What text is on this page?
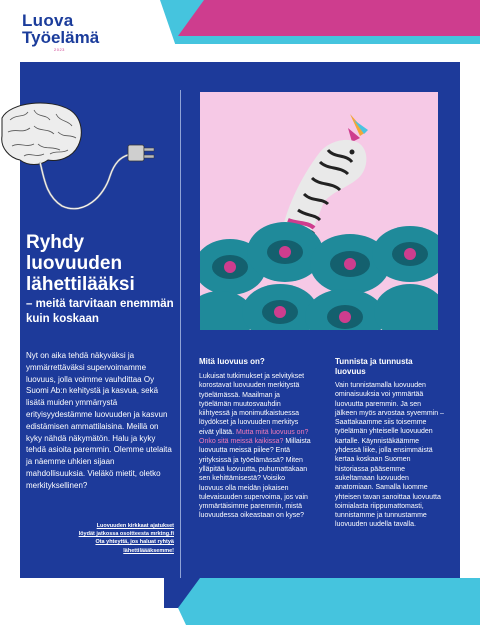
Luova
Työelämä
2023
Ryhdy luovuuden lähettilääksi
– meitä tarvitaan enemmän kuin koskaan

Nyt on aika tehdä näkyväksi ja ymmärrettäväksi supervoimamme luovuus, jolla voimme vauhdittaa Oy Suomi Ab:n kehitystä ja kasvua, sekä lisätä muiden ymmärrystä erityisyydestämme luovuuden ja kasvun edistämisen ammattilaisina. Meillä on kyky nähdä näkymätön. Halu ja kyky tehdä asioita paremmin. Olemme utelaita ja näemme uhkien sijaan mahdollisuuksia. Vieläkö mietit, oletko merkityksellinen?

Luovuuden kirkkaat ajatukset
löydät jatkossa osoitteesta mrktng.fi
Ota yhteyttä, jos haluat ryhtyä
lähettiläääksemme!
Mitä luovuus on?

Lukuisat tutkimukset ja selvitykset korostavat luovuuden merkitystä työelämässä. Maailman ja työelämän muutosvauhdin kiihtyessä ja monimutkaistuessa löydökset ja luovuuden merkitys eivät yllätä. Mutta mitä luovuus on? Onko sitä meissä kaikissa? Millaista luovuutta meissä piilee? Entä yrityksissä ja työelämässä? Miten ylläpitää luovuutta, puhumattakaan sen kehittämisestä? Voisiko luovuus olla meidän jokaisen tulevaisuuden supervoima, jos vain ymmärtäisimme paremmin, mistä luovuudessa oikeastaan on kyse?

Tunnista ja tunnusta luovuus

Vain tunnistamalla luovuuden ominaisuuksia voi ymmärtää luovuutta paremmin. Ja sen jälkeen myös arvostaa syvemmin – Saattakaamme siis toisemme työelämän yhteiselle luovuuden kartalle. Käynnistäkäämme yhdessä liike, jolla ensimmäistä kertaa koskaan Suomen historiassa pääsemme sukeltamaan luovuuden anatomiaan. Samalla luomme yhteisen tavan sanoittaa luovuutta toimialasta riippumattomasti, tunnistamme ja tunnustamme luovuuden uudella tavalla.
